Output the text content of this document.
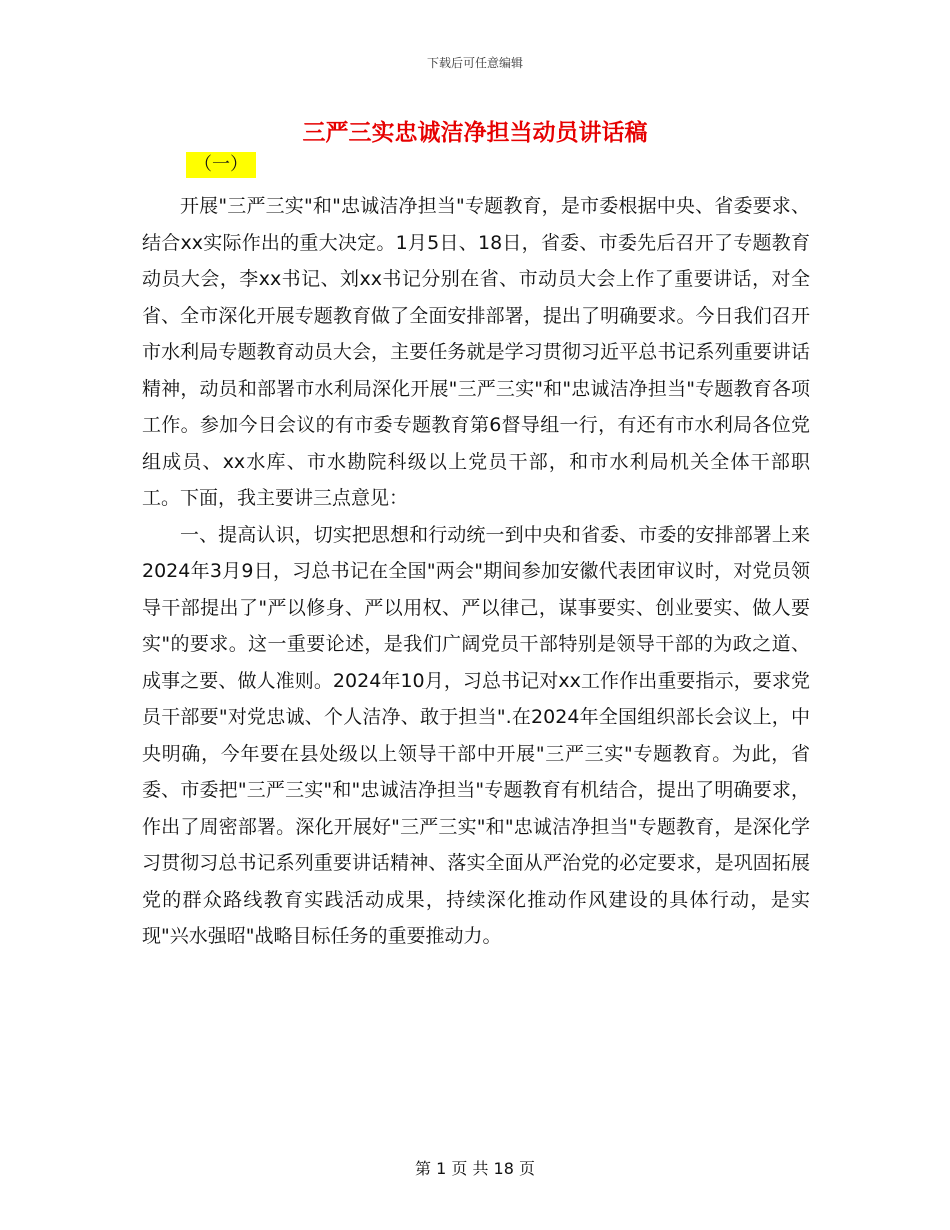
下载后可任意编辑
三严三实忠诚洁净担当动员讲话稿
（一）

开展"三严三实"和"忠诚洁净担当"专题教育，是市委根据中央、省委要求、结合xx实际作出的重大决定。1月5日、18日，省委、市委先后召开了专题教育动员大会，李xx书记、刘xx书记分别在省、市动员大会上作了重要讲话，对全省、全市深化开展专题教育做了全面安排部署，提出了明确要求。今日我们召开市水利局专题教育动员大会，主要任务就是学习贯彻习近平总书记系列重要讲话精神，动员和部署市水利局深化开展"三严三实"和"忠诚洁净担当"专题教育各项工作。参加今日会议的有市委专题教育第6督导组一行，有还有市水利局各位党组成员、xx水库、市水勘院科级以上党员干部，和市水利局机关全体干部职工。下面，我主要讲三点意见：

一、提高认识，切实把思想和行动统一到中央和省委、市委的安排部署上来2024年3月9日，习总书记在全国"两会"期间参加安徽代表团审议时，对党员领导干部提出了"严以修身、严以用权、严以律己，谋事要实、创业要实、做人要实"的要求。这一重要论述，是我们广阔党员干部特别是领导干部的为政之道、成事之要、做人准则。2024年10月，习总书记对xx工作作出重要指示，要求党员干部要"对党忠诚、个人洁净、敢于担当".在2024年全国组织部长会议上，中央明确，今年要在县处级以上领导干部中开展"三严三实"专题教育。为此，省委、市委把"三严三实"和"忠诚洁净担当"专题教育有机结合，提出了明确要求，作出了周密部署。深化开展好"三严三实"和"忠诚洁净担当"专题教育，是深化学习贯彻习总书记系列重要讲话精神、落实全面从严治党的必定要求，是巩固拓展党的群众路线教育实践活动成果，持续深化推动作风建设的具体行动，是实现"兴水强昭"战略目标任务的重要推动力。

第 1 页 共 18 页
